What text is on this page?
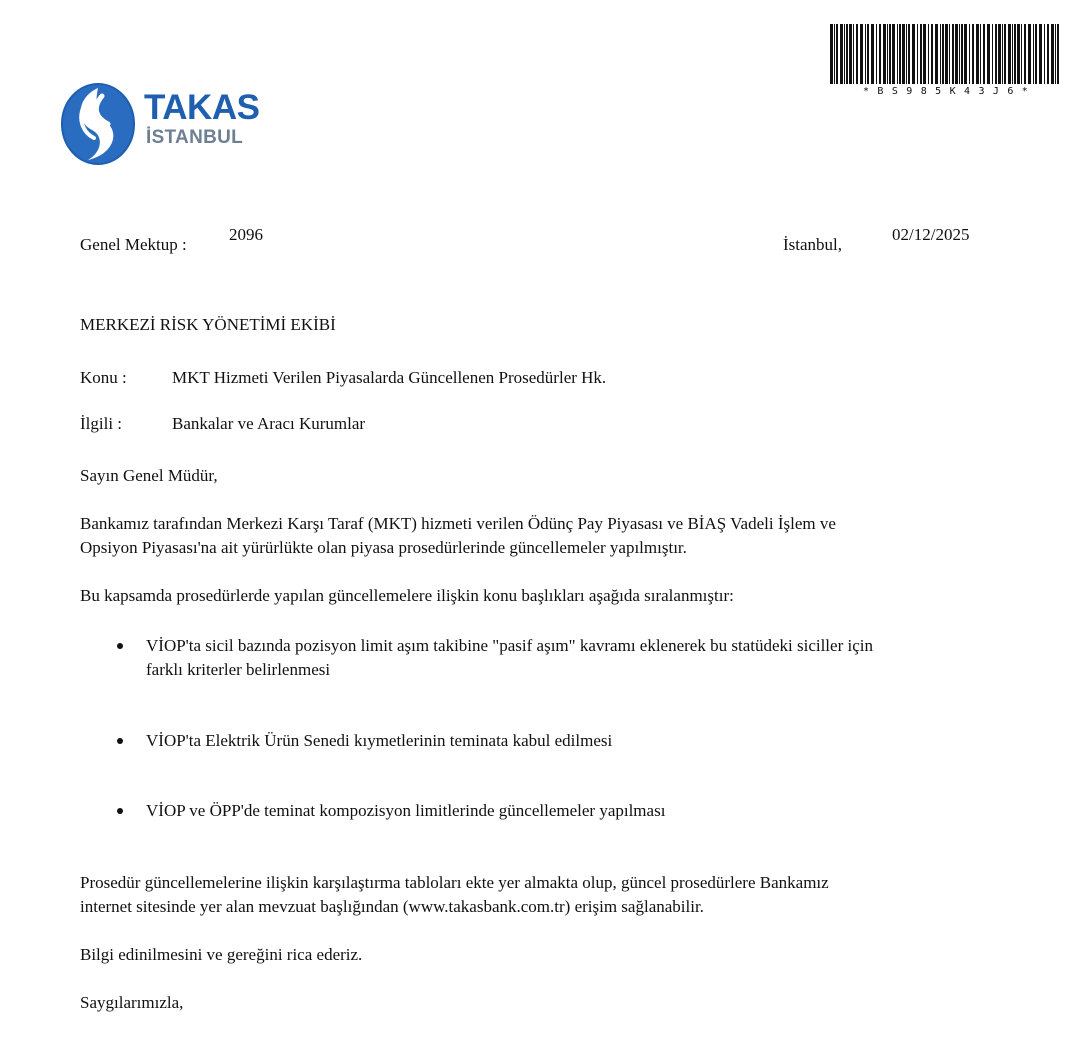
TAKAS
İSTANBUL
* B S 9 8 5 K 4 3 J 6 *
Genel Mektup :
2096
İstanbul,
02/12/2025
MERKEZİ RİSK YÖNETİMİ EKİBİ
Konu :	MKT Hizmeti Verilen Piyasalarda Güncellenen Prosedürler Hk.
İlgili :	Bankalar ve Aracı Kurumlar
Sayın Genel Müdür,
Bankamız tarafından Merkezi Karşı Taraf (MKT) hizmeti verilen Ödünç Pay Piyasası ve BİAŞ Vadeli İşlem ve
Opsiyon Piyasası'na ait yürürlükte olan piyasa prosedürlerinde güncellemeler yapılmıştır.
Bu kapsamda prosedürlerde yapılan güncellemelere ilişkin konu başlıkları aşağıda sıralanmıştır:
VİOP'ta sicil bazında pozisyon limit aşım takibine "pasif aşım" kavramı eklenerek bu statüdeki siciller için
farklı kriterler belirlenmesi
VİOP'ta Elektrik Ürün Senedi kıymetlerinin teminata kabul edilmesi
VİOP ve ÖPP'de teminat kompozisyon limitlerinde güncellemeler yapılması
Prosedür güncellemelerine ilişkin karşılaştırma tabloları ekte yer almakta olup, güncel prosedürlere Bankamız
internet sitesinde yer alan mevzuat başlığından (www.takasbank.com.tr) erişim sağlanabilir.
Bilgi edinilmesini ve gereğini rica ederiz.
Saygılarımızla,
